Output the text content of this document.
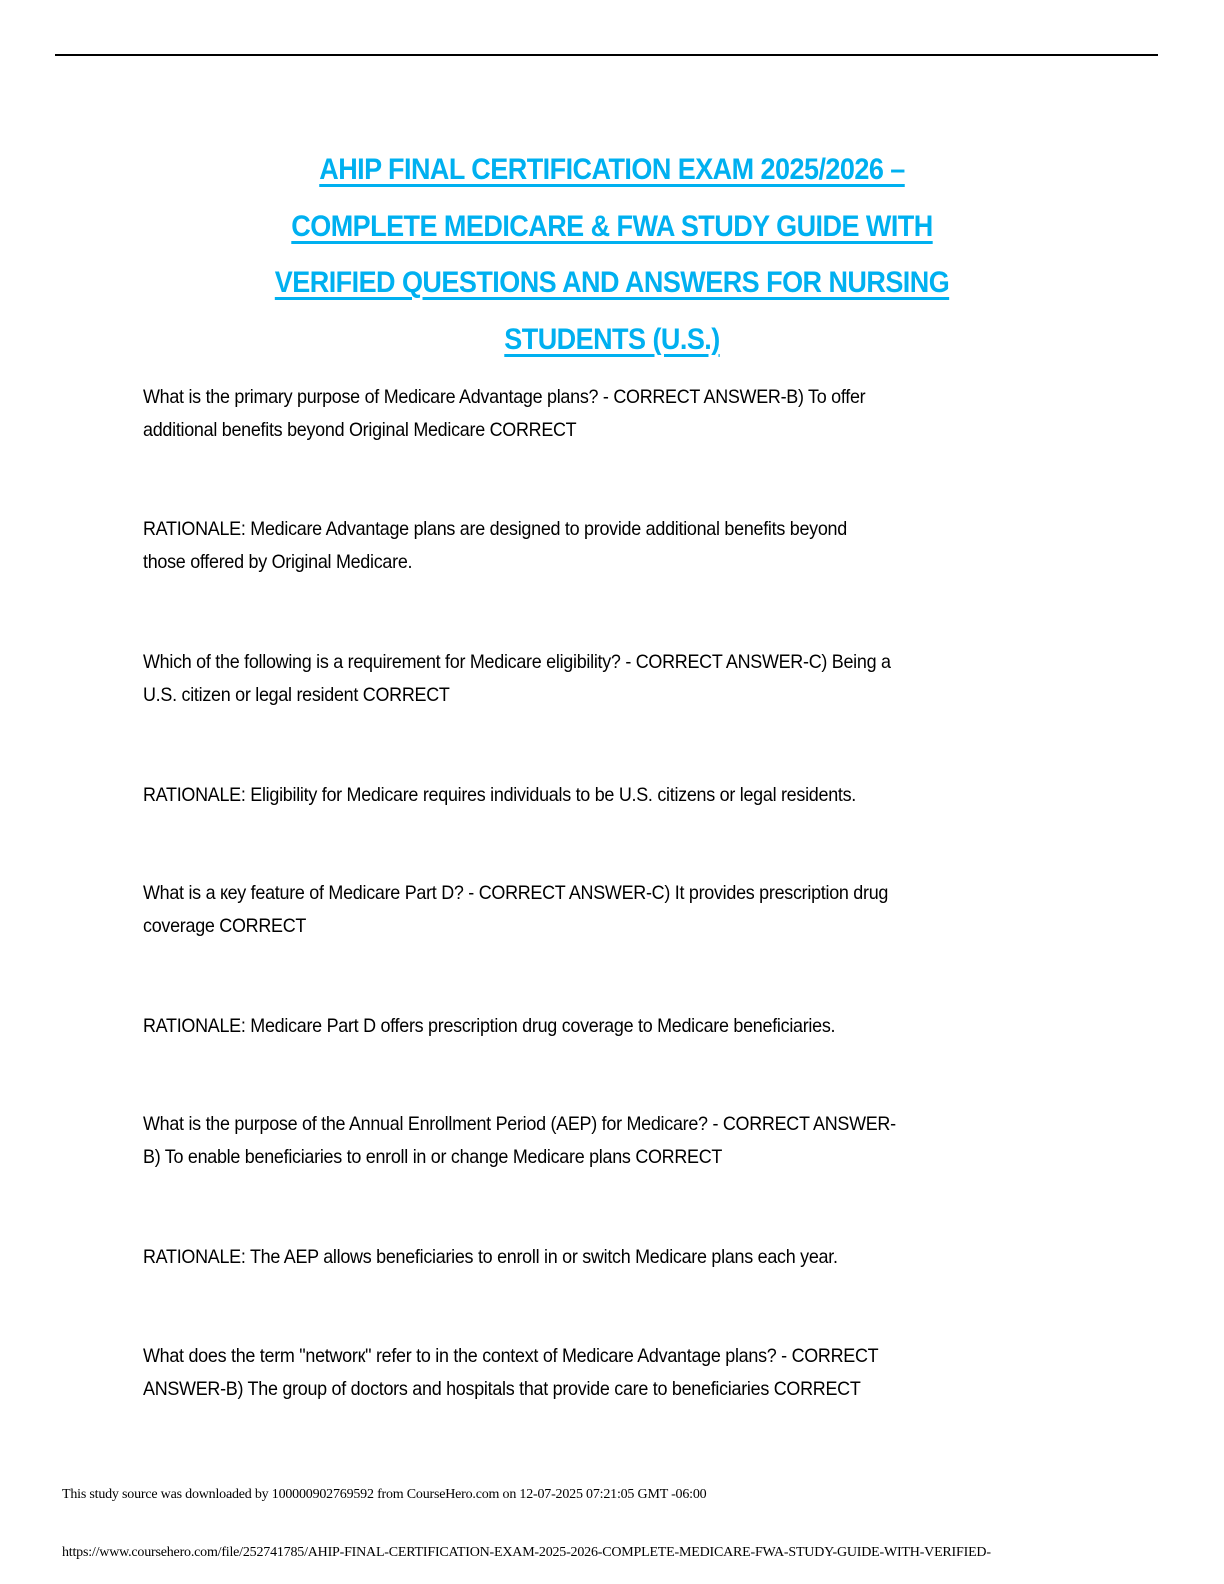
AHIP FINAL CERTIFICATION EXAM 2025/2026 –
COMPLETE MEDICARE & FWA STUDY GUIDE WITH
VERIFIED QUESTIONS AND ANSWERS FOR NURSING
STUDENTS (U.S.)

What is the primary purpose of Medicare Advantage plans? - CORRECT ANSWER-B) To offer

additional benefits beyond Original Medicare CORRECT

RATIONALE: Medicare Advantage plans are designed to provide additional benefits beyond

those offered by Original Medicare.

Which of the following is a requirement for Medicare eligibility? - CORRECT ANSWER-C) Being a

U.S. citizen or legal resident CORRECT

RATIONALE: Eligibility for Medicare requires individuals to be U.S. citizens or legal residents.

What is a кey feature of Medicare Part D? - CORRECT ANSWER-C) It provides prescription drug

coverage CORRECT

RATIONALE: Medicare Part D offers prescription drug coverage to Medicare beneficiaries.

What is the purpose of the Annual Enrollment Period (AEP) for Medicare? - CORRECT ANSWER-

B) To enable beneficiaries to enroll in or change Medicare plans CORRECT

RATIONALE: The AEP allows beneficiaries to enroll in or switch Medicare plans each year.

What does the term "networк" refer to in the context of Medicare Advantage plans? - CORRECT

ANSWER-B) The group of doctors and hospitals that provide care to beneficiaries CORRECT

This study source was downloaded by 100000902769592 from CourseHero.com on 12-07-2025 07:21:05 GMT -06:00
https://www.coursehero.com/file/252741785/AHIP-FINAL-CERTIFICATION-EXAM-2025-2026-COMPLETE-MEDICARE-FWA-STUDY-GUIDE-WITH-VERIFIED-
